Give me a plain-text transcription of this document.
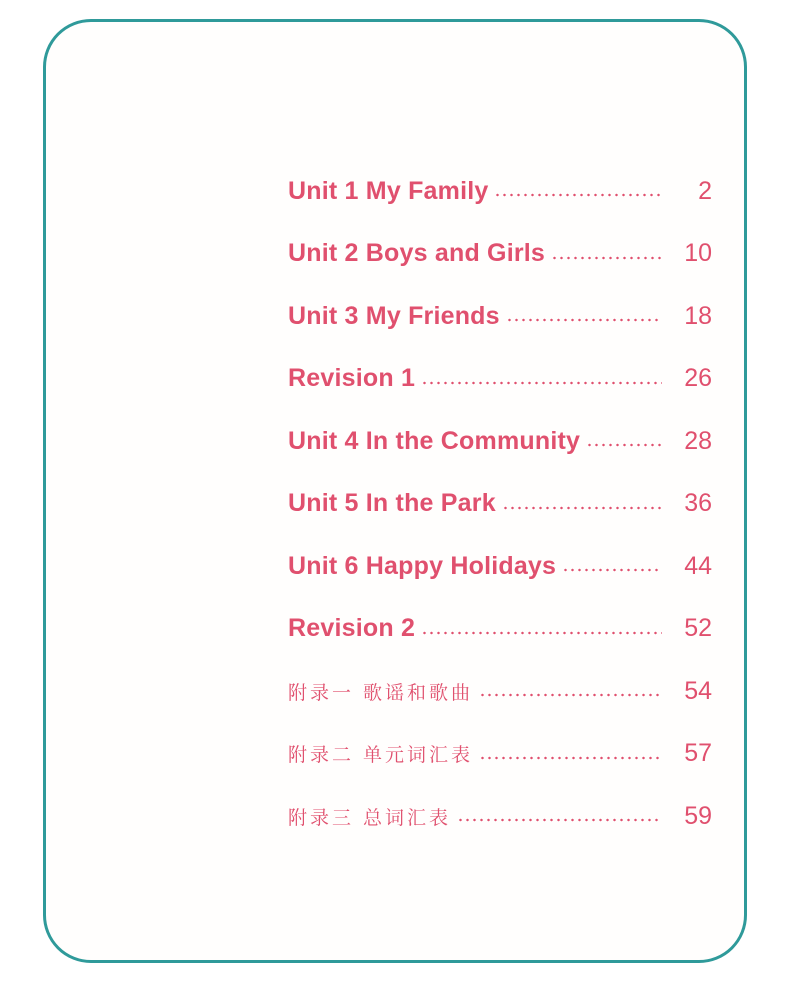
Unit 1 My Family	2
Unit 2 Boys and Girls	10
Unit 3 My Friends	18
Revision 1	26
Unit 4 In the Community	28
Unit 5 In the Park	36
Unit 6 Happy Holidays	44
Revision 2	52
附录一 歌谣和歌曲	54
附录二 单元词汇表	57
附录三 总词汇表	59
